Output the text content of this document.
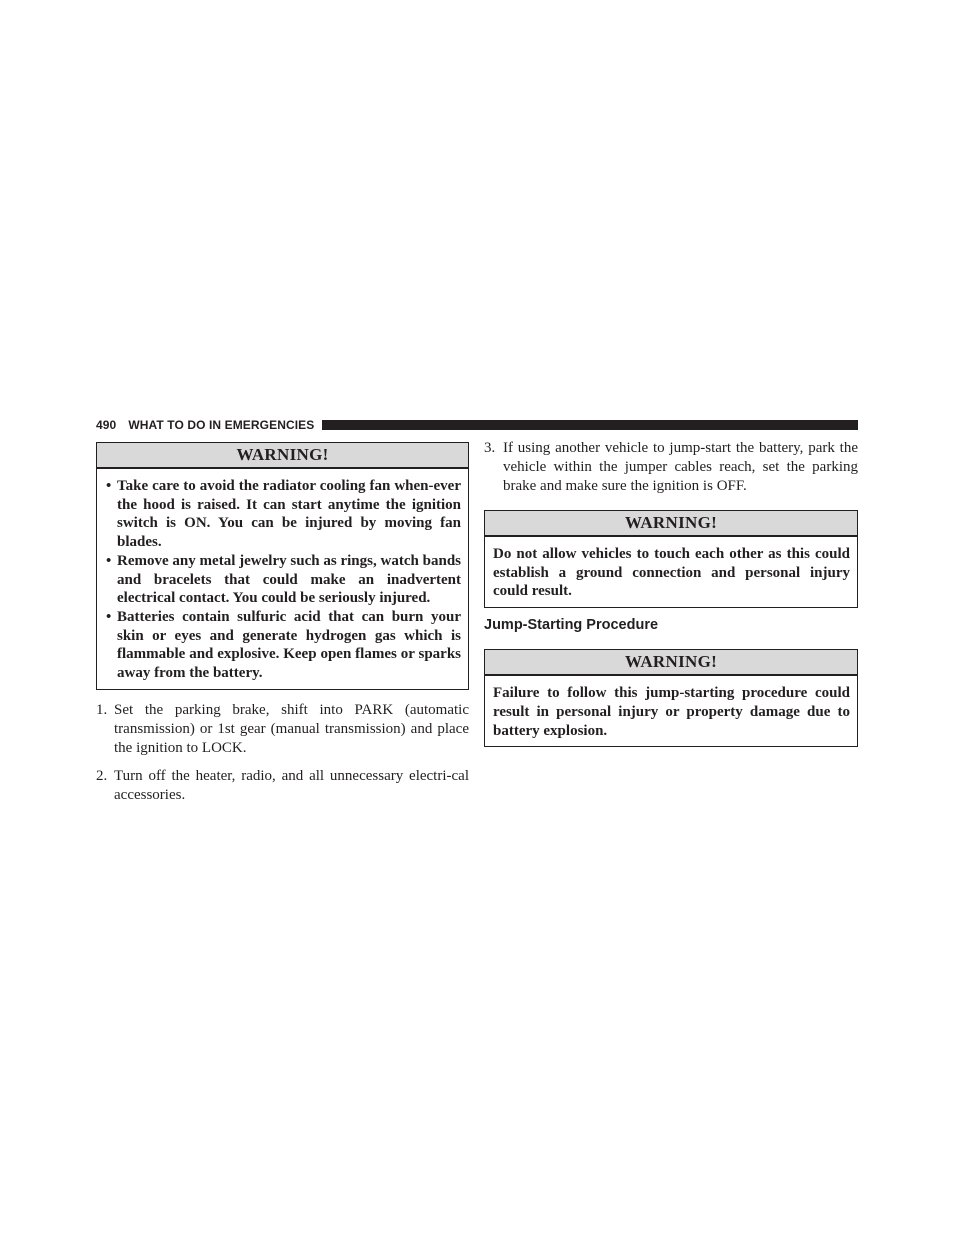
490 WHAT TO DO IN EMERGENCIES
WARNING!
• Take care to avoid the radiator cooling fan when-ever the hood is raised. It can start anytime the ignition switch is ON. You can be injured by moving fan blades.
• Remove any metal jewelry such as rings, watch bands and bracelets that could make an inadvertent electrical contact. You could be seriously injured.
• Batteries contain sulfuric acid that can burn your skin or eyes and generate hydrogen gas which is flammable and explosive. Keep open flames or sparks away from the battery.
1. Set the parking brake, shift into PARK (automatic transmission) or 1st gear (manual transmission) and place the ignition to LOCK.
2. Turn off the heater, radio, and all unnecessary electri-cal accessories.
3. If using another vehicle to jump-start the battery, park the vehicle within the jumper cables reach, set the parking brake and make sure the ignition is OFF.
WARNING!
Do not allow vehicles to touch each other as this could establish a ground connection and personal injury could result.
Jump-Starting Procedure
WARNING!
Failure to follow this jump-starting procedure could result in personal injury or property damage due to battery explosion.
